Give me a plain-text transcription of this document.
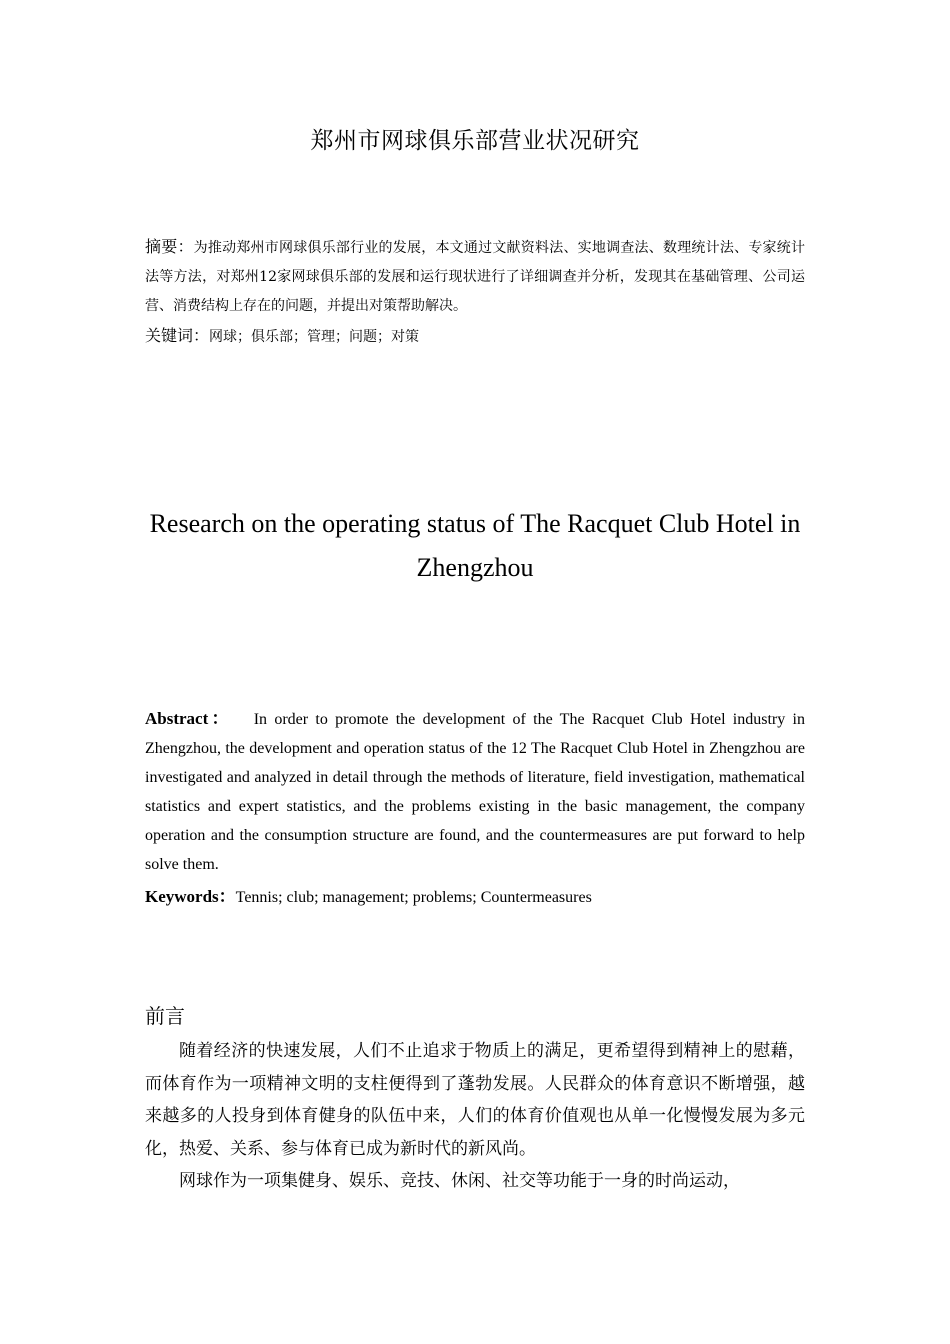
郑州市网球俱乐部营业状况研究
摘要：为推动郑州市网球俱乐部行业的发展，本文通过文献资料法、实地调查法、数理统计法、专家统计法等方法，对郑州12家网球俱乐部的发展和运行现状进行了详细调查并分析，发现其在基础管理、公司运营、消费结构上存在的问题，并提出对策帮助解决。
关键词：网球；俱乐部；管理；问题；对策
Research on the operating status of The Racquet Club Hotel in Zhengzhou
Abstract： In order to promote the development of the The Racquet Club Hotel industry in Zhengzhou, the development and operation status of the 12 The Racquet Club Hotel in Zhengzhou are investigated and analyzed in detail through the methods of literature, field investigation, mathematical statistics and expert statistics, and the problems existing in the basic management, the company operation and the consumption structure are found, and the countermeasures are put forward to help solve them.
Keywords：Tennis; club; management; problems; Countermeasures
前言

随着经济的快速发展，人们不止追求于物质上的满足，更希望得到精神上的慰藉，而体育作为一项精神文明的支柱便得到了蓬勃发展。人民群众的体育意识不断增强，越来越多的人投身到体育健身的队伍中来，人们的体育价值观也从单一化慢慢发展为多元化，热爱、关系、参与体育已成为新时代的新风尚。

网球作为一项集健身、娱乐、竞技、休闲、社交等功能于一身的时尚运动，
